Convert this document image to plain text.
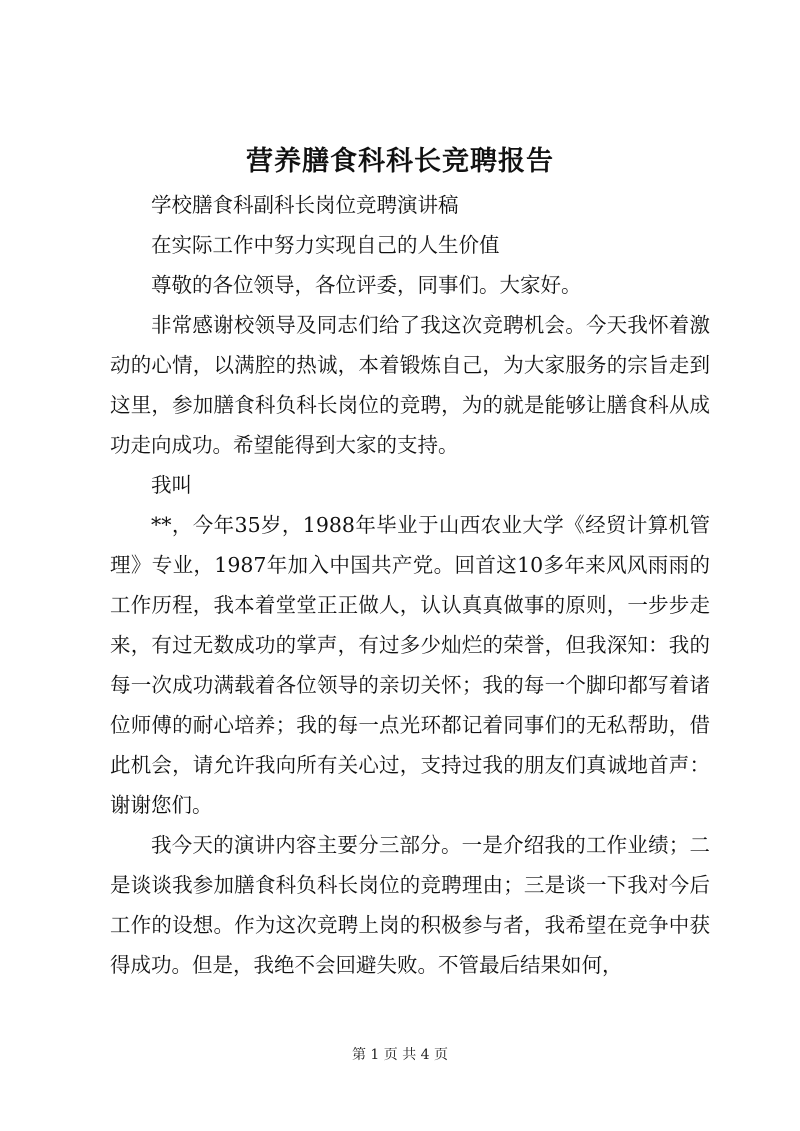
营养膳食科科长竞聘报告

学校膳食科副科长岗位竞聘演讲稿

在实际工作中努力实现自己的人生价值

尊敬的各位领导，各位评委，同事们。大家好。

非常感谢校领导及同志们给了我这次竞聘机会。今天我怀着激动的心情，以满腔的热诚，本着锻炼自己，为大家服务的宗旨走到这里，参加膳食科负科长岗位的竞聘，为的就是能够让膳食科从成功走向成功。希望能得到大家的支持。

我叫

**，今年35岁，1988年毕业于山西农业大学《经贸计算机管理》专业，1987年加入中国共产党。回首这10多年来风风雨雨的工作历程，我本着堂堂正正做人，认认真真做事的原则，一步步走来，有过无数成功的掌声，有过多少灿烂的荣誉，但我深知：我的每一次成功满载着各位领导的亲切关怀；我的每一个脚印都写着诸位师傅的耐心培养；我的每一点光环都记着同事们的无私帮助，借此机会，请允许我向所有关心过，支持过我的朋友们真诚地首声：谢谢您们。

我今天的演讲内容主要分三部分。一是介绍我的工作业绩；二是谈谈我参加膳食科负科长岗位的竞聘理由；三是谈一下我对今后工作的设想。作为这次竞聘上岗的积极参与者，我希望在竞争中获得成功。但是，我绝不会回避失败。不管最后结果如何，

第 1 页 共 4 页
